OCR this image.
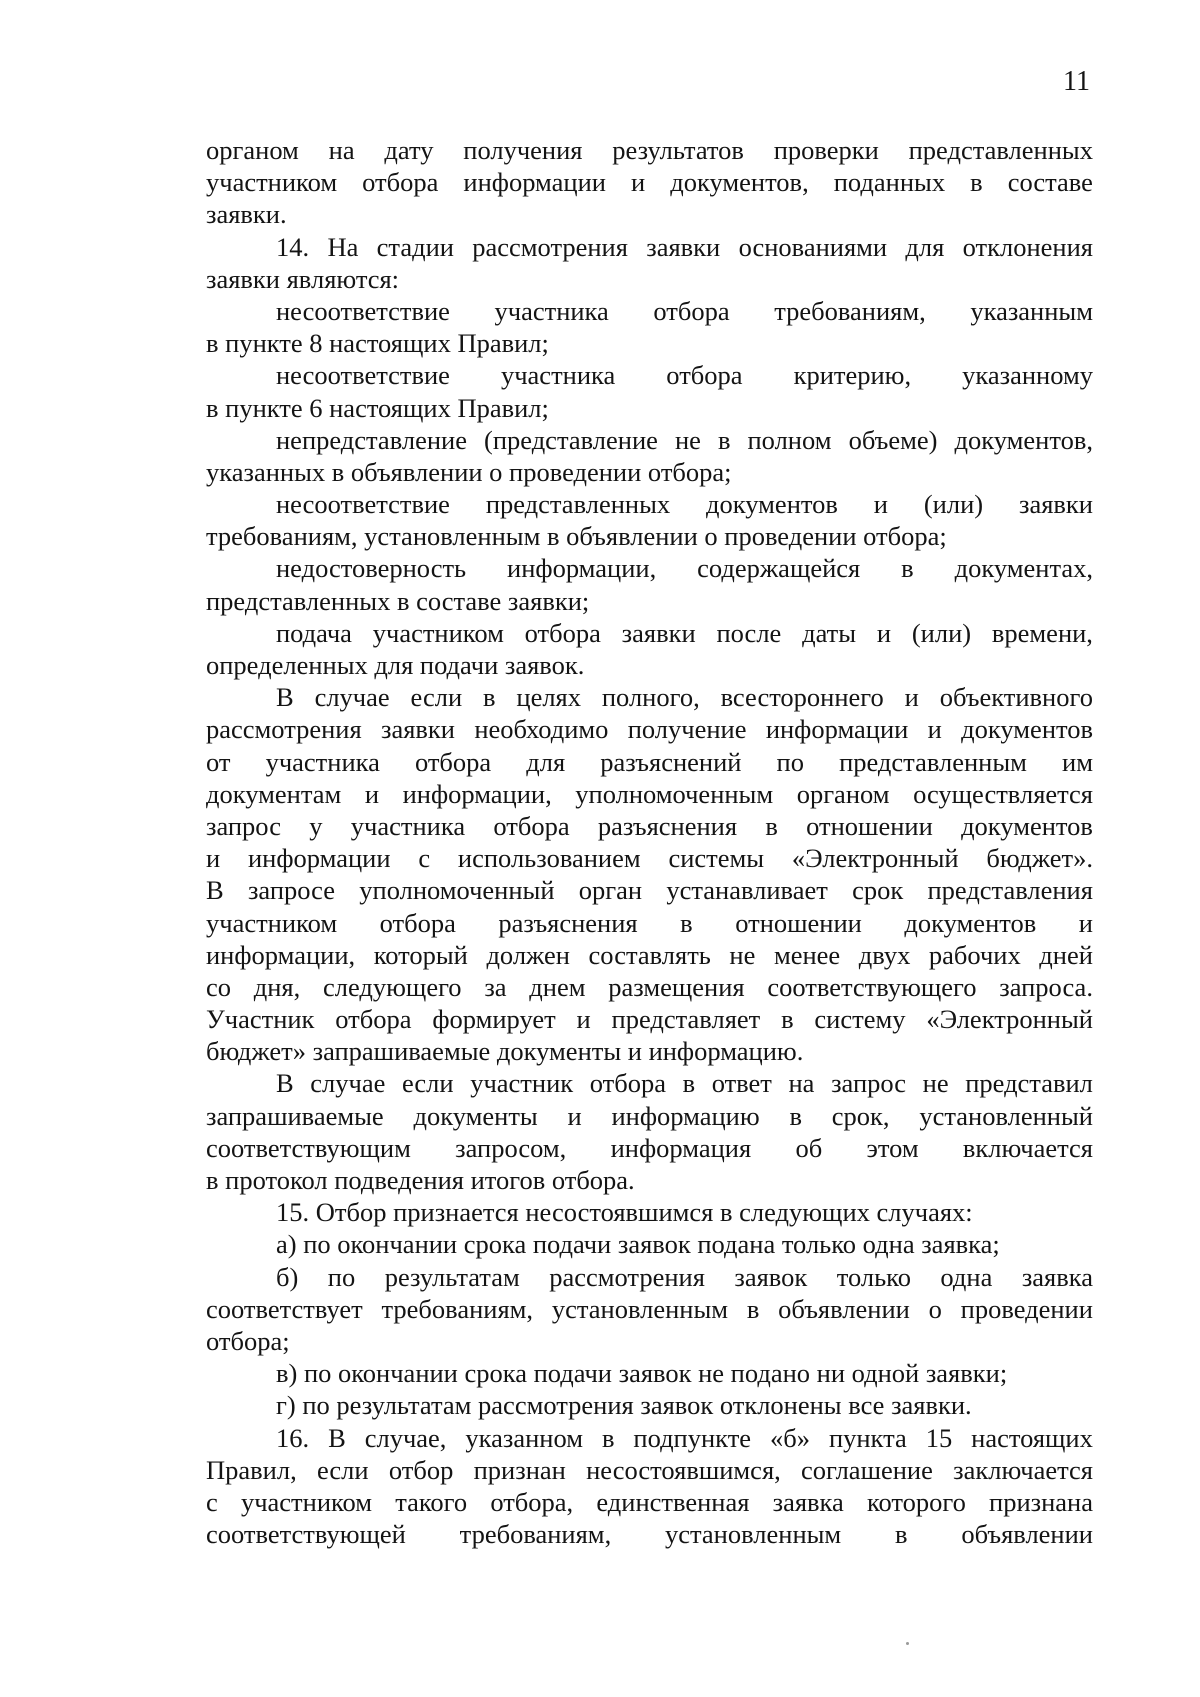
11
органом на дату получения результатов проверки представленных
участником отбора информации и документов, поданных в составе
заявки.
14. На стадии рассмотрения заявки основаниями для отклонения
заявки являются:
несоответствие участника отбора требованиям, указанным
в пункте 8 настоящих Правил;
несоответствие участника отбора критерию, указанному
в пункте 6 настоящих Правил;
непредставление (представление не в полном объеме) документов,
указанных в объявлении о проведении отбора;
несоответствие представленных документов и (или) заявки
требованиям, установленным в объявлении о проведении отбора;
недостоверность информации, содержащейся в документах,
представленных в составе заявки;
подача участником отбора заявки после даты и (или) времени,
определенных для подачи заявок.
В случае если в целях полного, всестороннего и объективного
рассмотрения заявки необходимо получение информации и документов
от участника отбора для разъяснений по представленным им
документам и информации, уполномоченным органом осуществляется
запрос у участника отбора разъяснения в отношении документов
и информации с использованием системы «Электронный бюджет».
В запросе уполномоченный орган устанавливает срок представления
участником отбора разъяснения в отношении документов и
информации, который должен составлять не менее двух рабочих дней
со дня, следующего за днем размещения соответствующего запроса.
Участник отбора формирует и представляет в систему «Электронный
бюджет» запрашиваемые документы и информацию.
В случае если участник отбора в ответ на запрос не представил
запрашиваемые документы и информацию в срок, установленный
соответствующим запросом, информация об этом включается
в протокол подведения итогов отбора.
15. Отбор признается несостоявшимся в следующих случаях:
а) по окончании срока подачи заявок подана только одна заявка;
б) по результатам рассмотрения заявок только одна заявка
соответствует требованиям, установленным в объявлении о проведении
отбора;
в) по окончании срока подачи заявок не подано ни одной заявки;
г) по результатам рассмотрения заявок отклонены все заявки.
16. В случае, указанном в подпункте «б» пункта 15 настоящих
Правил, если отбор признан несостоявшимся, соглашение заключается
с участником такого отбора, единственная заявка которого признана
соответствующей требованиям, установленным в объявлении
